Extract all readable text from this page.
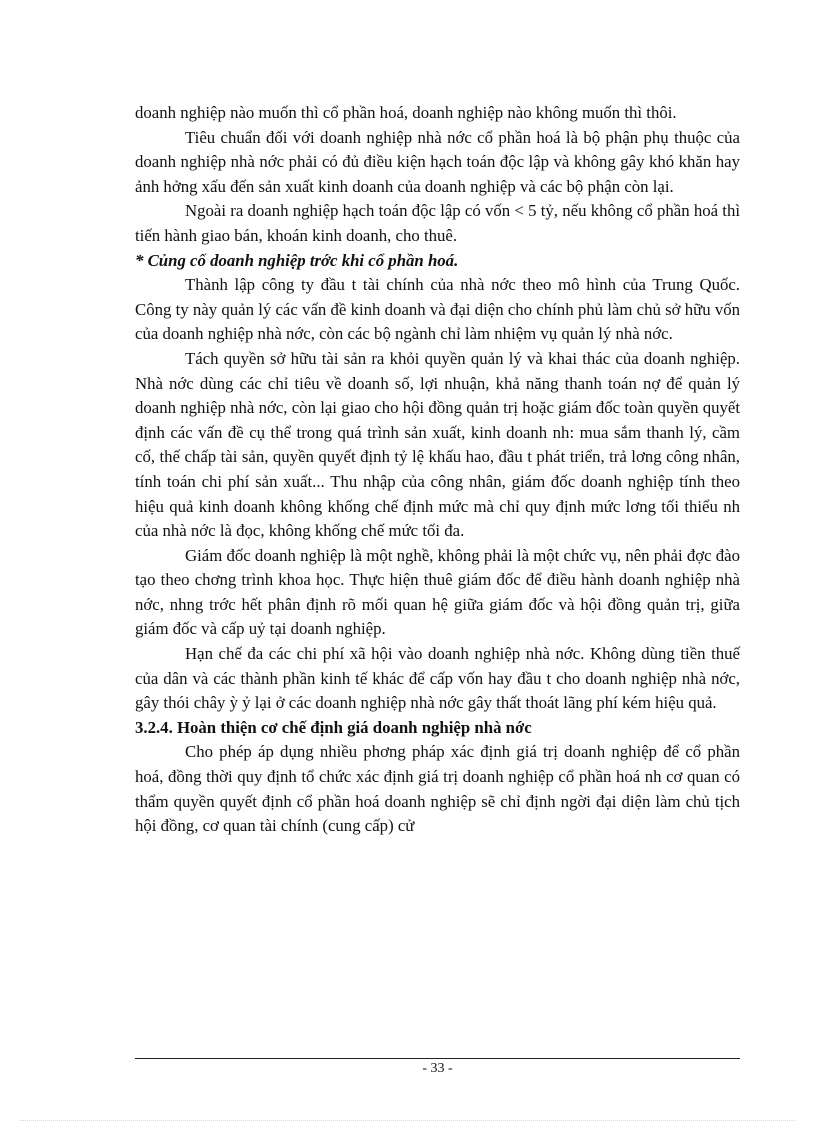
doanh nghiệp nào muốn thì cổ phần hoá, doanh nghiệp nào không muốn thì thôi.

Tiêu chuẩn đối với doanh nghiệp nhà nớc cổ phần hoá là bộ phận phụ thuộc của doanh nghiệp nhà nớc phải có đủ điều kiện hạch toán độc lập và không gây khó khăn hay ảnh hởng xấu đến sản xuất kinh doanh của doanh nghiệp và các bộ phận còn lại.

Ngoài ra doanh nghiệp hạch toán độc lập có vốn < 5 tỷ, nếu không cổ phần hoá thì tiến hành giao bán, khoán kinh doanh, cho thuê.

* Củng cố doanh nghiệp trớc khi cổ phần hoá.

Thành lập công ty đầu t tài chính của nhà nớc theo mô hình của Trung Quốc. Công ty này quản lý các vấn đề kinh doanh và đại diện cho chính phủ làm chủ sở hữu vốn của doanh nghiệp nhà nớc, còn các bộ ngành chỉ làm nhiệm vụ quản lý nhà nớc.

Tách quyền sở hữu tài sản ra khỏi quyền quản lý và khai thác của doanh nghiệp. Nhà nớc dùng các chỉ tiêu về doanh số, lợi nhuận, khả năng thanh toán nợ để quản lý doanh nghiệp nhà nớc, còn lại giao cho hội đồng quản trị hoặc giám đốc toàn quyền quyết định các vấn đề cụ thể trong quá trình sản xuất, kinh doanh nh: mua sắm thanh lý, cầm cố, thế chấp tài sản, quyền quyết định tỷ lệ khấu hao, đầu t phát triển, trả lơng công nhân, tính toán chi phí sản xuất... Thu nhập của công nhân, giám đốc doanh nghiệp tính theo hiệu quả kinh doanh không khống chế định mức mà chỉ quy định mức lơng tối thiểu nh của nhà nớc là đọc, không khống chế mức tối đa.

Giám đốc doanh nghiệp là một nghề, không phải là một chức vụ, nên phải đợc đào tạo theo chơng trình khoa học. Thực hiện thuê giám đốc để điều hành doanh nghiệp nhà nớc, nhng trớc hết phân định rõ mối quan hệ giữa giám đốc và hội đồng quản trị, giữa giám đốc và cấp uỷ tại doanh nghiệp.

Hạn chế đa các chi phí xã hội vào doanh nghiệp nhà nớc. Không dùng tiền thuế của dân và các thành phần kinh tế khác để cấp vốn hay đầu t cho doanh nghiệp nhà nớc, gây thói chây ỳ ỷ lại ở các doanh nghiệp nhà nớc gây thất thoát lãng phí kém hiệu quả.

3.2.4. Hoàn thiện cơ chế định giá doanh nghiệp nhà nớc

Cho phép áp dụng nhiều phơng pháp xác định giá trị doanh nghiệp để cổ phần hoá, đồng thời quy định tổ chức xác định giá trị doanh nghiệp cổ phần hoá nh cơ quan có thẩm quyền quyết định cổ phần hoá doanh nghiệp sẽ chỉ định ngời đại diện làm chủ tịch hội đồng, cơ quan tài chính (cung cấp) cử

- 33 -
